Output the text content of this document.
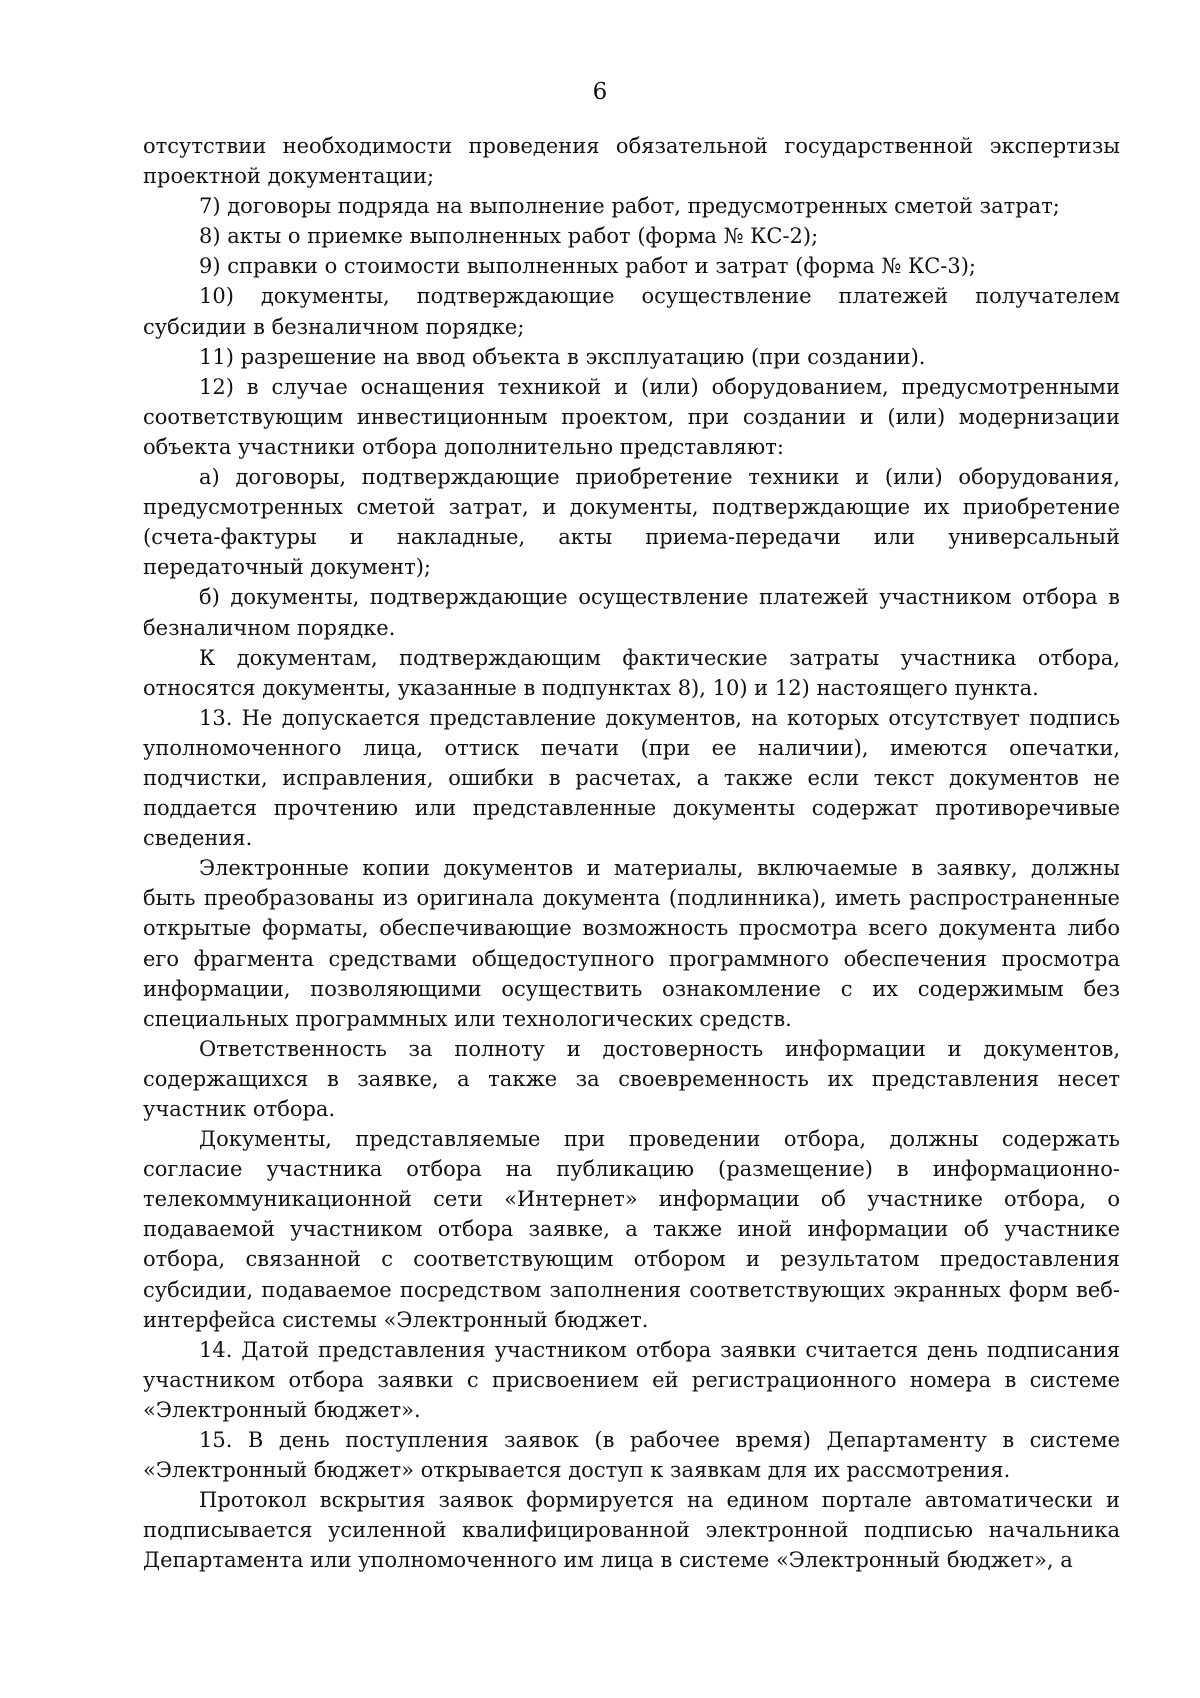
6

отсутствии необходимости проведения обязательной государственной экспертизы проектной документации;

7) договоры подряда на выполнение работ, предусмотренных сметой затрат;

8) акты о приемке выполненных работ (форма № КС-2);

9) справки о стоимости выполненных работ и затрат (форма № КС-3);

10) документы, подтверждающие осуществление платежей получателем субсидии в безналичном порядке;

11) разрешение на ввод объекта в эксплуатацию (при создании).

12) в случае оснащения техникой и (или) оборудованием, предусмотренными соответствующим инвестиционным проектом, при создании и (или) модернизации объекта участники отбора дополнительно представляют:

а) договоры, подтверждающие приобретение техники и (или) оборудования, предусмотренных сметой затрат, и документы, подтверждающие их приобретение (счета-фактуры и накладные, акты приема-передачи или универсальный передаточный документ);

б) документы, подтверждающие осуществление платежей участником отбора в безналичном порядке.

К документам, подтверждающим фактические затраты участника отбора, относятся документы, указанные в подпунктах 8), 10) и 12) настоящего пункта.

13. Не допускается представление документов, на которых отсутствует подпись уполномоченного лица, оттиск печати (при ее наличии), имеются опечатки, подчистки, исправления, ошибки в расчетах, а также если текст документов не поддается прочтению или представленные документы содержат противоречивые сведения.

Электронные копии документов и материалы, включаемые в заявку, должны быть преобразованы из оригинала документа (подлинника), иметь распространенные открытые форматы, обеспечивающие возможность просмотра всего документа либо его фрагмента средствами общедоступного программного обеспечения просмотра информации, позволяющими осуществить ознакомление с их содержимым без специальных программных или технологических средств.

Ответственность за полноту и достоверность информации и документов, содержащихся в заявке, а также за своевременность их представления несет участник отбора.

Документы, представляемые при проведении отбора, должны содержать согласие участника отбора на публикацию (размещение) в информационно-телекоммуникационной сети «Интернет» информации об участнике отбора, о подаваемой участником отбора заявке, а также иной информации об участнике отбора, связанной с соответствующим отбором и результатом предоставления субсидии, подаваемое посредством заполнения соответствующих экранных форм веб-интерфейса системы «Электронный бюджет.

14. Датой представления участником отбора заявки считается день подписания участником отбора заявки с присвоением ей регистрационного номера в системе «Электронный бюджет».

15. В день поступления заявок (в рабочее время) Департаменту в системе «Электронный бюджет» открывается доступ к заявкам для их рассмотрения.

Протокол вскрытия заявок формируется на едином портале автоматически и подписывается усиленной квалифицированной электронной подписью начальника Департамента или уполномоченного им лица в системе «Электронный бюджет», а
